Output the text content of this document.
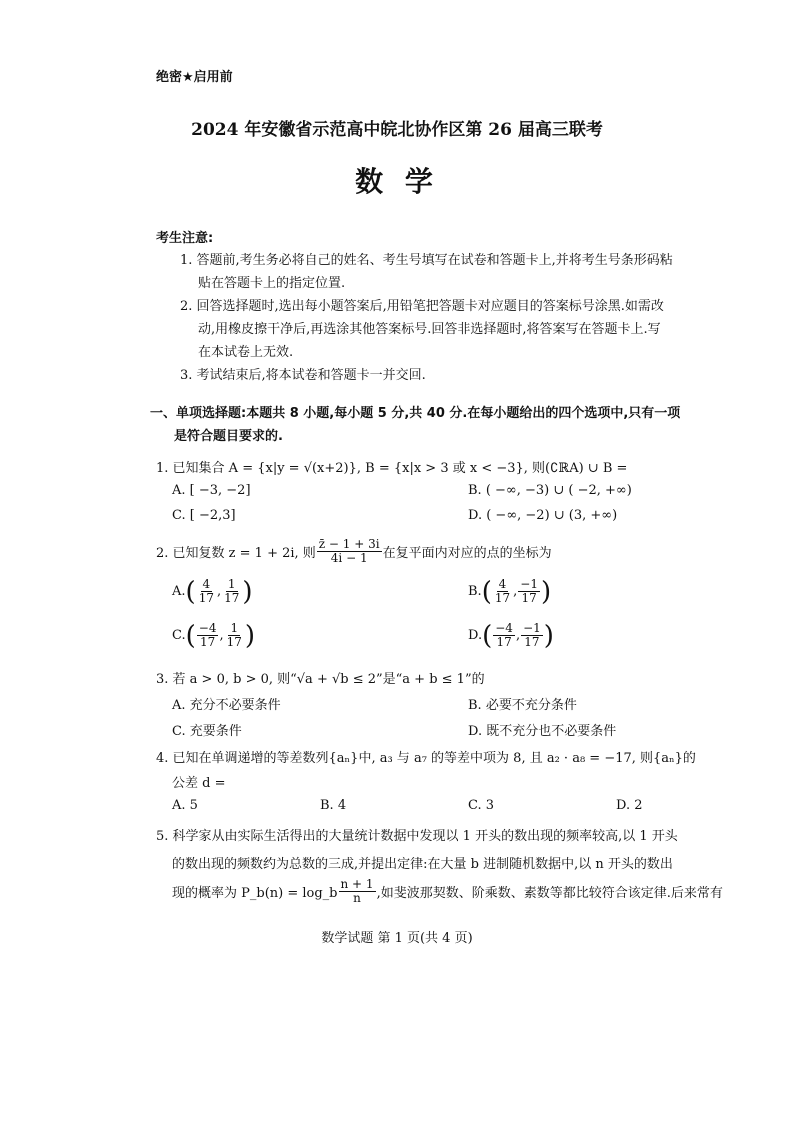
绝密★启用前
2024 年安徽省示范高中皖北协作区第 26 届高三联考
数 学
考生注意:
1. 答题前,考生务必将自己的姓名、考生号填写在试卷和答题卡上,并将考生号条形码粘
贴在答题卡上的指定位置.
2. 回答选择题时,选出每小题答案后,用铅笔把答题卡对应题目的答案标号涂黑.如需改
动,用橡皮擦干净后,再选涂其他答案标号.回答非选择题时,将答案写在答题卡上.写
在本试卷上无效.
3. 考试结束后,将本试卷和答题卡一并交回.
一、单项选择题:本题共 8 小题,每小题 5 分,共 40 分.在每小题给出的四个选项中,只有一项
是符合题目要求的.
1. 已知集合 A = {x|y = √(x+2)}, B = {x|x > 3 或 x < −3}, 则(∁ℝA) ∪ B =
A. [ −3, −2]	B. ( −∞, −3) ∪ ( −2, +∞)
C. [ −2,3]	D. ( −∞, −2) ∪ (3, +∞)
2. 已知复数 z = 1 + 2i, 则 $\frac{z̄ - 1 + 3i}{4i - 1}$ 在复平面内对应的点的坐标为
A. ( $\frac{4}{17}$ , $\frac{1}{17}$ )	B. ( $\frac{4}{17}$ , $\frac{-1}{17}$ )
C. ( $\frac{-4}{17}$ , $\frac{1}{17}$ )	D. ( $\frac{-4}{17}$ , $\frac{-1}{17}$ )
3. 若 a > 0, b > 0, 则“√a + √b ≤ 2”是“a + b ≤ 1”的
A. 充分不必要条件	B. 必要不充分条件
C. 充要条件	D. 既不充分也不必要条件
4. 已知在单调递增的等差数列{aₙ}中, a₃ 与 a₇ 的等差中项为 8, 且 a₂ · a₈ = −17, 则{aₙ}的
公差 d =
A. 5	B. 4	C. 3	D. 2
5. 科学家从由实际生活得出的大量统计数据中发现以 1 开头的数出现的频率较高,以 1 开头
的数出现的频数约为总数的三成,并提出定律:在大量 b 进制随机数据中,以 n 开头的数出
现的概率为 P_b(n) = log_b $\frac{n + 1}{n}$ ,如斐波那契数、阶乘数、素数等都比较符合该定律.后来常有
数学试题 第 1 页(共 4 页)
